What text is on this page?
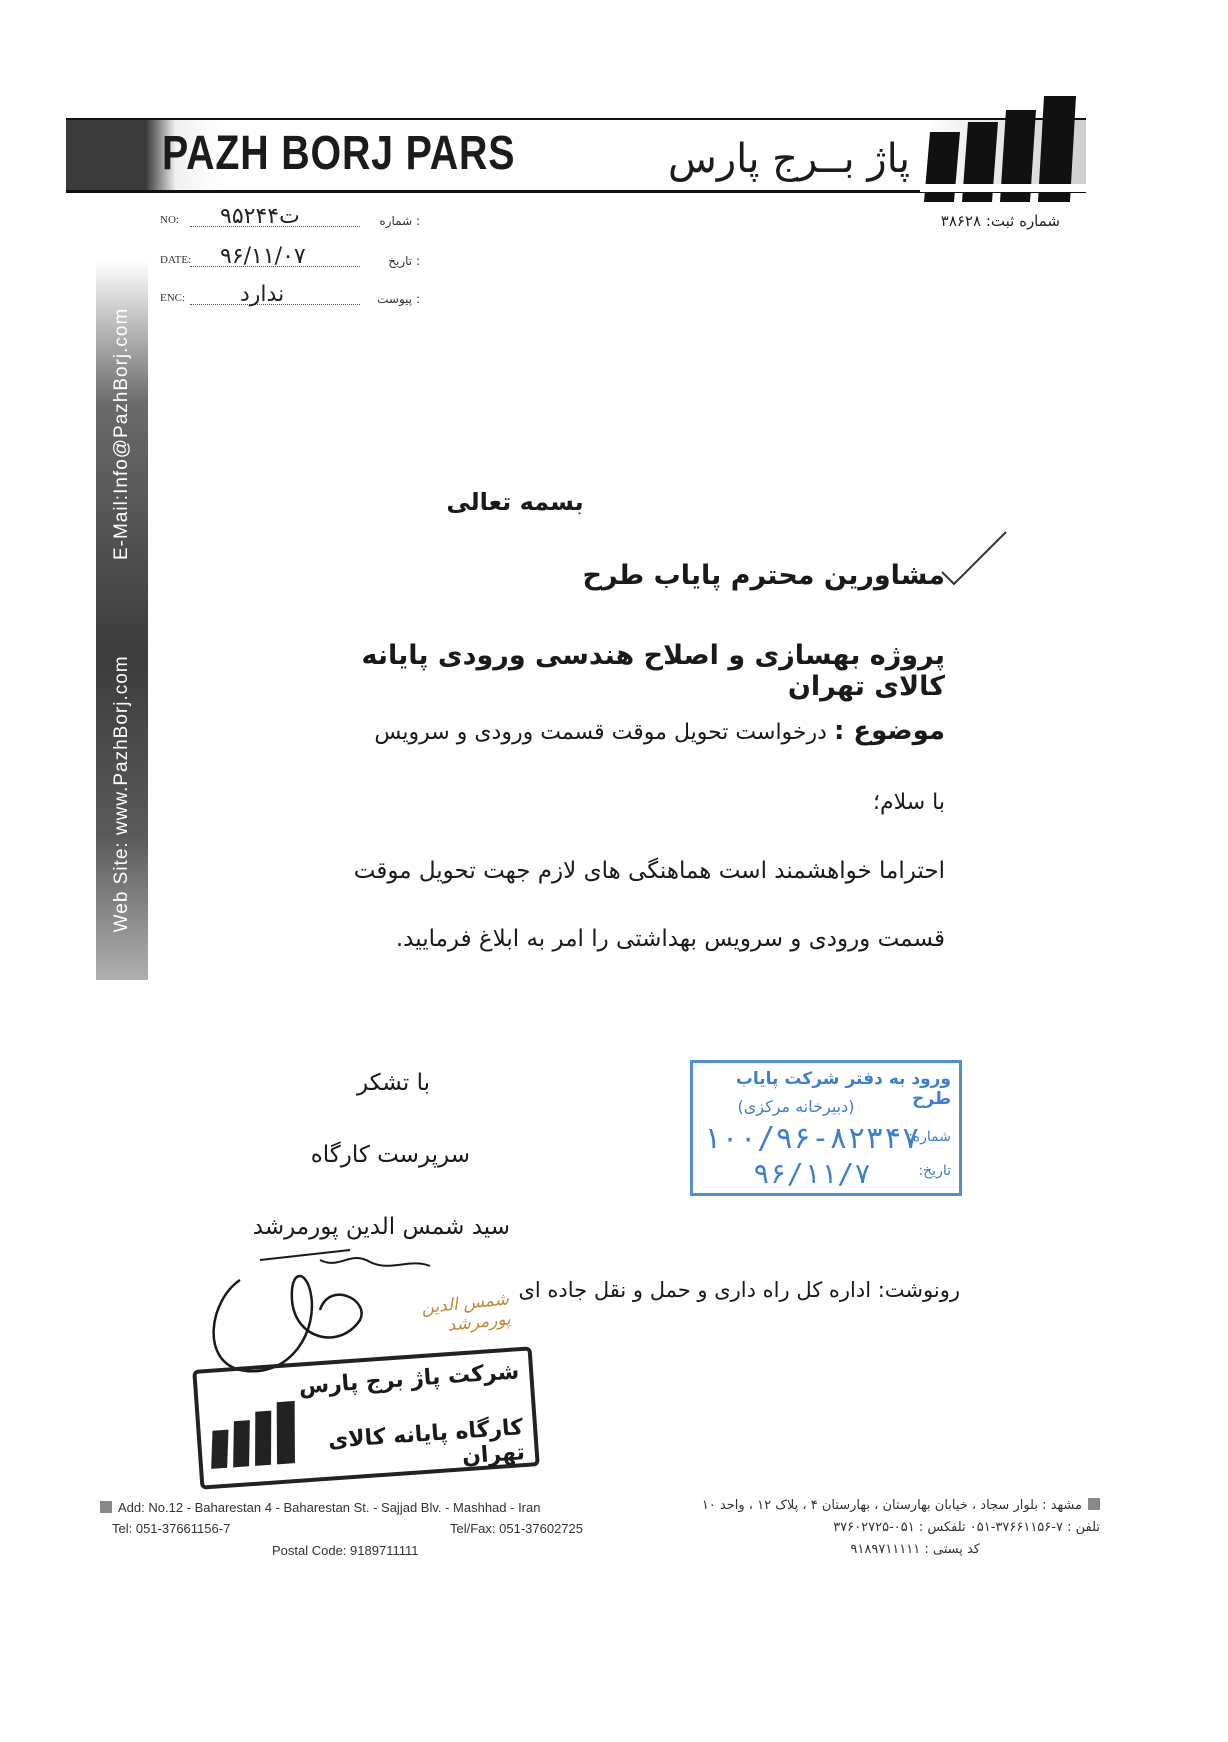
PAZH BORJ PARS	پاژ بــرج پارس
شماره ثبت: ۳۸۶۲۸
NO: ۹۵ت۲۴۴	شماره :
DATE: ۹۶/۱۱/۰۷	تاریخ :
ENC: ندارد	پیوست :
Web Site: www.PazhBorj.com
E-Mail:Info@PazhBorj.com	بسمه تعالی
مشاورین محترم پایاب طرح
پروژه بهسازی و اصلاح هندسی ورودی پایانه کالای تهران
موضوع : درخواست تحویل موقت قسمت ورودی و سرویس
با سلام؛
احتراما خواهشمند است هماهنگی های لازم جهت تحویل موقت
قسمت ورودی و سرویس بهداشتی را امر به ابلاغ فرمایید.
با تشکر
سرپرست کارگاه
سید شمس الدین پورمرشد
رونوشت: اداره کل راه داری و حمل و نقل جاده ای
ورود به دفتر شرکت پایاب طرح
(دبیرخانه مرکزی)
شماره:
۱۰۰/۹۶-۸۲۳۴۷
تاریخ:
۹۶/۱۱/۷
شمس الدین پورمرشد
شرکت پاژ برج پارس
کارگاه پایانه کالای تهران
Add: No.12 - Baharestan 4 - Baharestan St. - Sajjad Blv. - Mashhad - Iran
Tel: 051-37661156-7	Tel/Fax: 051-37602725
Postal Code: 9189711111
مشهد : بلوار سجاد ، خیابان بهارستان ، بهارستان ۴ ، پلاک ۱۲ ، واحد ۱۰
تلفن : ۷-۳۷۶۶۱۱۵۶-۰۵۱ تلفکس : ۰۵۱-۳۷۶۰۲۷۲۵
کد پستی : ۹۱۸۹۷۱۱۱۱۱
